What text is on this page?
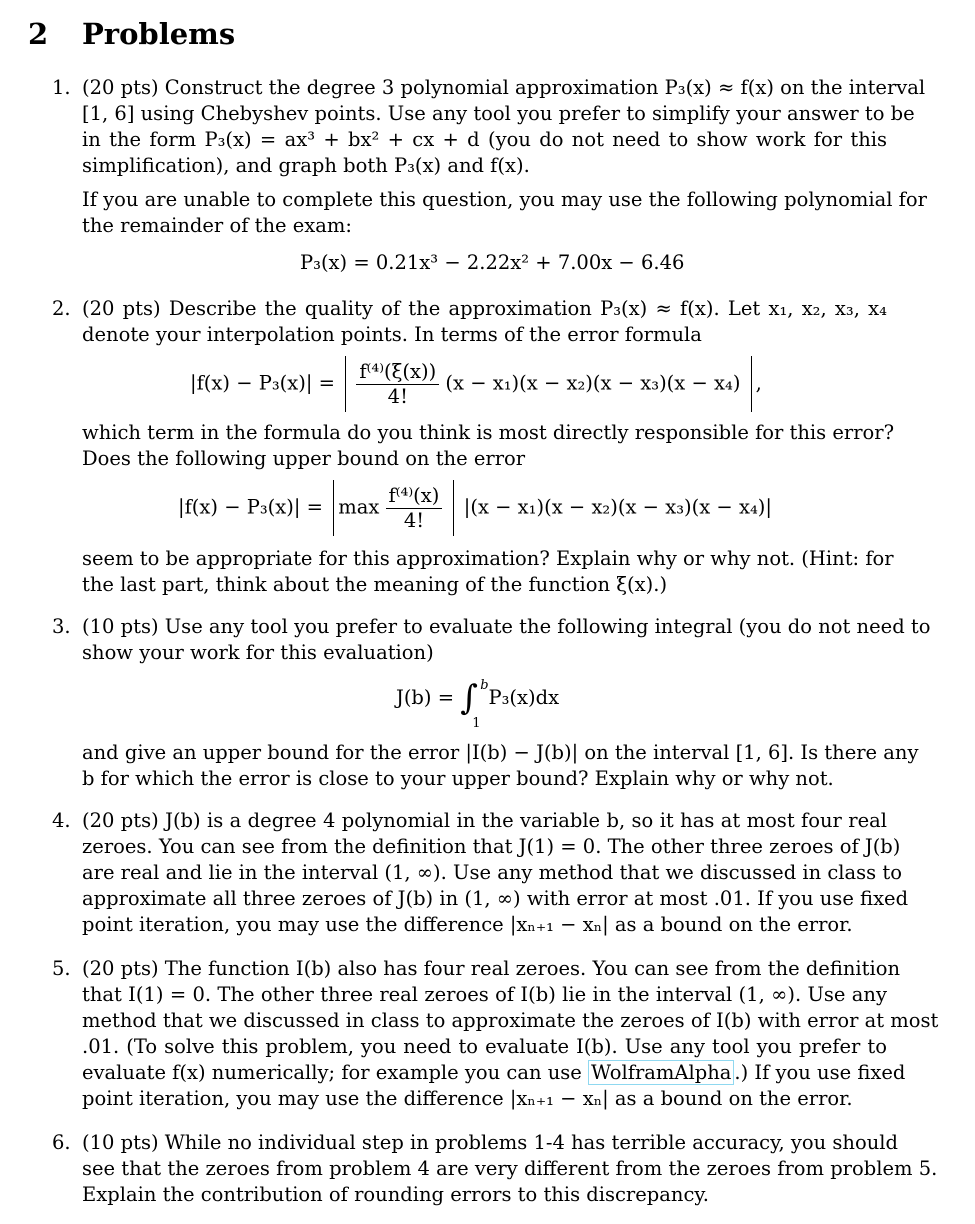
2 Problems
1. (20 pts) Construct the degree 3 polynomial approximation P₃(x) ≈ f(x) on the interval
[1, 6] using Chebyshev points. Use any tool you prefer to simplify your answer to be
in the form P₃(x) = ax³ + bx² + cx + d (you do not need to show work for this
simplification), and graph both P₃(x) and f(x).
If you are unable to complete this question, you may use the following polynomial for
the remainder of the exam:
P₃(x) = 0.21x³ − 2.22x² + 7.00x − 6.46
2. (20 pts) Describe the quality of the approximation P₃(x) ≈ f(x). Let x₁, x₂, x₃, x₄
denote your interpolation points. In terms of the error formula
$|f(x) - P_3(x)| = \frac{\text{f⁽⁴⁾(ξ(x))}}{4!} (x - x_1)(x - x_2)(x - x_3)(x - x_4)$ ,
which term in the formula do you think is most directly responsible for this error?
Does the following upper bound on the error
$|f(x) - P_3(x)| = \max \frac{\text{f⁽⁴⁾(x)}}{4!} |(x - x_1)(x - x_2)(x - x_3)(x - x_4)|$
seem to be appropriate for this approximation? Explain why or why not. (Hint: for
the last part, think about the meaning of the function ξ(x).)
3. (10 pts) Use any tool you prefer to evaluate the following integral (you do not need to
show your work for this evaluation)
J(b) = ∫ b
1
P₃(x)dx
and give an upper bound for the error |I(b) − J(b)| on the interval [1, 6]. Is there any
b for which the error is close to your upper bound? Explain why or why not.
4. (20 pts) J(b) is a degree 4 polynomial in the variable b, so it has at most four real
zeroes. You can see from the definition that J(1) = 0. The other three zeroes of J(b)
are real and lie in the interval (1, ∞). Use any method that we discussed in class to
approximate all three zeroes of J(b) in (1, ∞) with error at most .01. If you use fixed
point iteration, you may use the difference |xₙ₊₁ − xₙ| as a bound on the error.
5. (20 pts) The function I(b) also has four real zeroes. You can see from the definition
that I(1) = 0. The other three real zeroes of I(b) lie in the interval (1, ∞). Use any
method that we discussed in class to approximate the zeroes of I(b) with error at most
.01. (To solve this problem, you need to evaluate I(b). Use any tool you prefer to
evaluate f(x) numerically; for example you can use WolframAlpha .) If you use fixed
point iteration, you may use the difference |xₙ₊₁ − xₙ| as a bound on the error.
6. (10 pts) While no individual step in problems 1-4 has terrible accuracy, you should
see that the zeroes from problem 4 are very different from the zeroes from problem 5.
Explain the contribution of rounding errors to this discrepancy.
